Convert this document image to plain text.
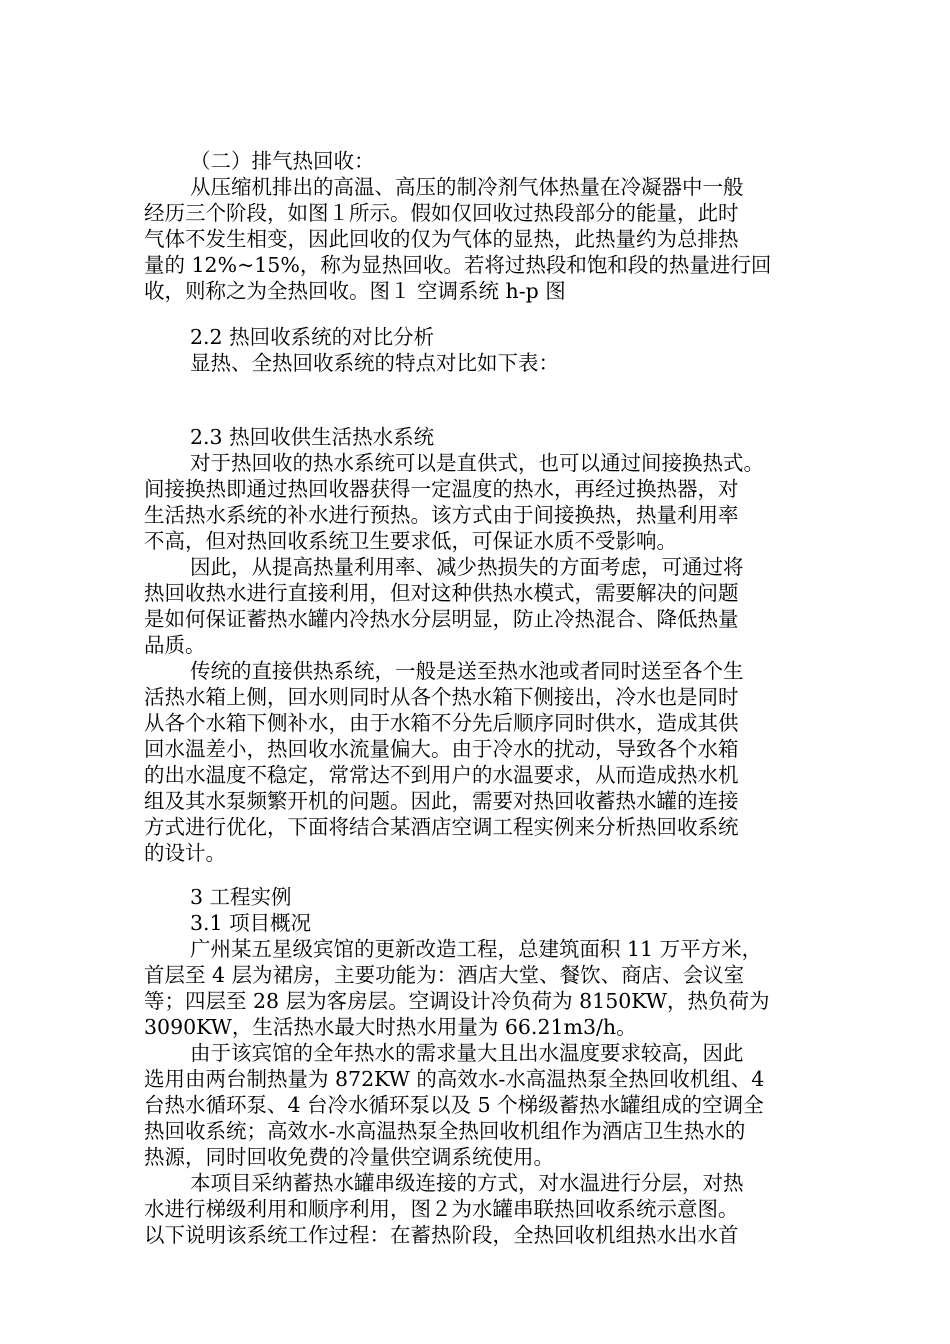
（二）排气热回收：
从压缩机排出的高温、高压的制冷剂气体热量在冷凝器中一般
经历三个阶段，如图１所示。假如仅回收过热段部分的能量，此时
气体不发生相变，因此回收的仅为气体的显热，此热量约为总排热
量的 12%~15%，称为显热回收。若将过热段和饱和段的热量进行回
收，则称之为全热回收。图１ 空调系统 h-p 图
2.2 热回收系统的对比分析
显热、全热回收系统的特点对比如下表：
2.3 热回收供生活热水系统
对于热回收的热水系统可以是直供式，也可以通过间接换热式。
间接换热即通过热回收器获得一定温度的热水，再经过换热器，对
生活热水系统的补水进行预热。该方式由于间接换热，热量利用率
不高，但对热回收系统卫生要求低，可保证水质不受影响。
因此，从提高热量利用率、减少热损失的方面考虑，可通过将
热回收热水进行直接利用，但对这种供热水模式，需要解决的问题
是如何保证蓄热水罐内冷热水分层明显，防止冷热混合、降低热量
品质。
传统的直接供热系统，一般是送至热水池或者同时送至各个生
活热水箱上侧，回水则同时从各个热水箱下侧接出，冷水也是同时
从各个水箱下侧补水，由于水箱不分先后顺序同时供水，造成其供
回水温差小，热回收水流量偏大。由于冷水的扰动，导致各个水箱
的出水温度不稳定，常常达不到用户的水温要求，从而造成热水机
组及其水泵频繁开机的问题。因此，需要对热回收蓄热水罐的连接
方式进行优化，下面将结合某酒店空调工程实例来分析热回收系统
的设计。
3 工程实例
3.1 项目概况
广州某五星级宾馆的更新改造工程，总建筑面积 11 万平方米，
首层至 4 层为裙房，主要功能为：酒店大堂、餐饮、商店、会议室
等；四层至 28 层为客房层。空调设计冷负荷为 8150KW，热负荷为
3090KW，生活热水最大时热水用量为 66.21m3/h。
由于该宾馆的全年热水的需求量大且出水温度要求较高，因此
选用由两台制热量为 872KW 的高效水-水高温热泵全热回收机组、4
台热水循环泵、4 台冷水循环泵以及 5 个梯级蓄热水罐组成的空调全
热回收系统；高效水-水高温热泵全热回收机组作为酒店卫生热水的
热源，同时回收免费的冷量供空调系统使用。
本项目采纳蓄热水罐串级连接的方式，对水温进行分层，对热
水进行梯级利用和顺序利用，图２为水罐串联热回收系统示意图。
以下说明该系统工作过程：在蓄热阶段，全热回收机组热水出水首
